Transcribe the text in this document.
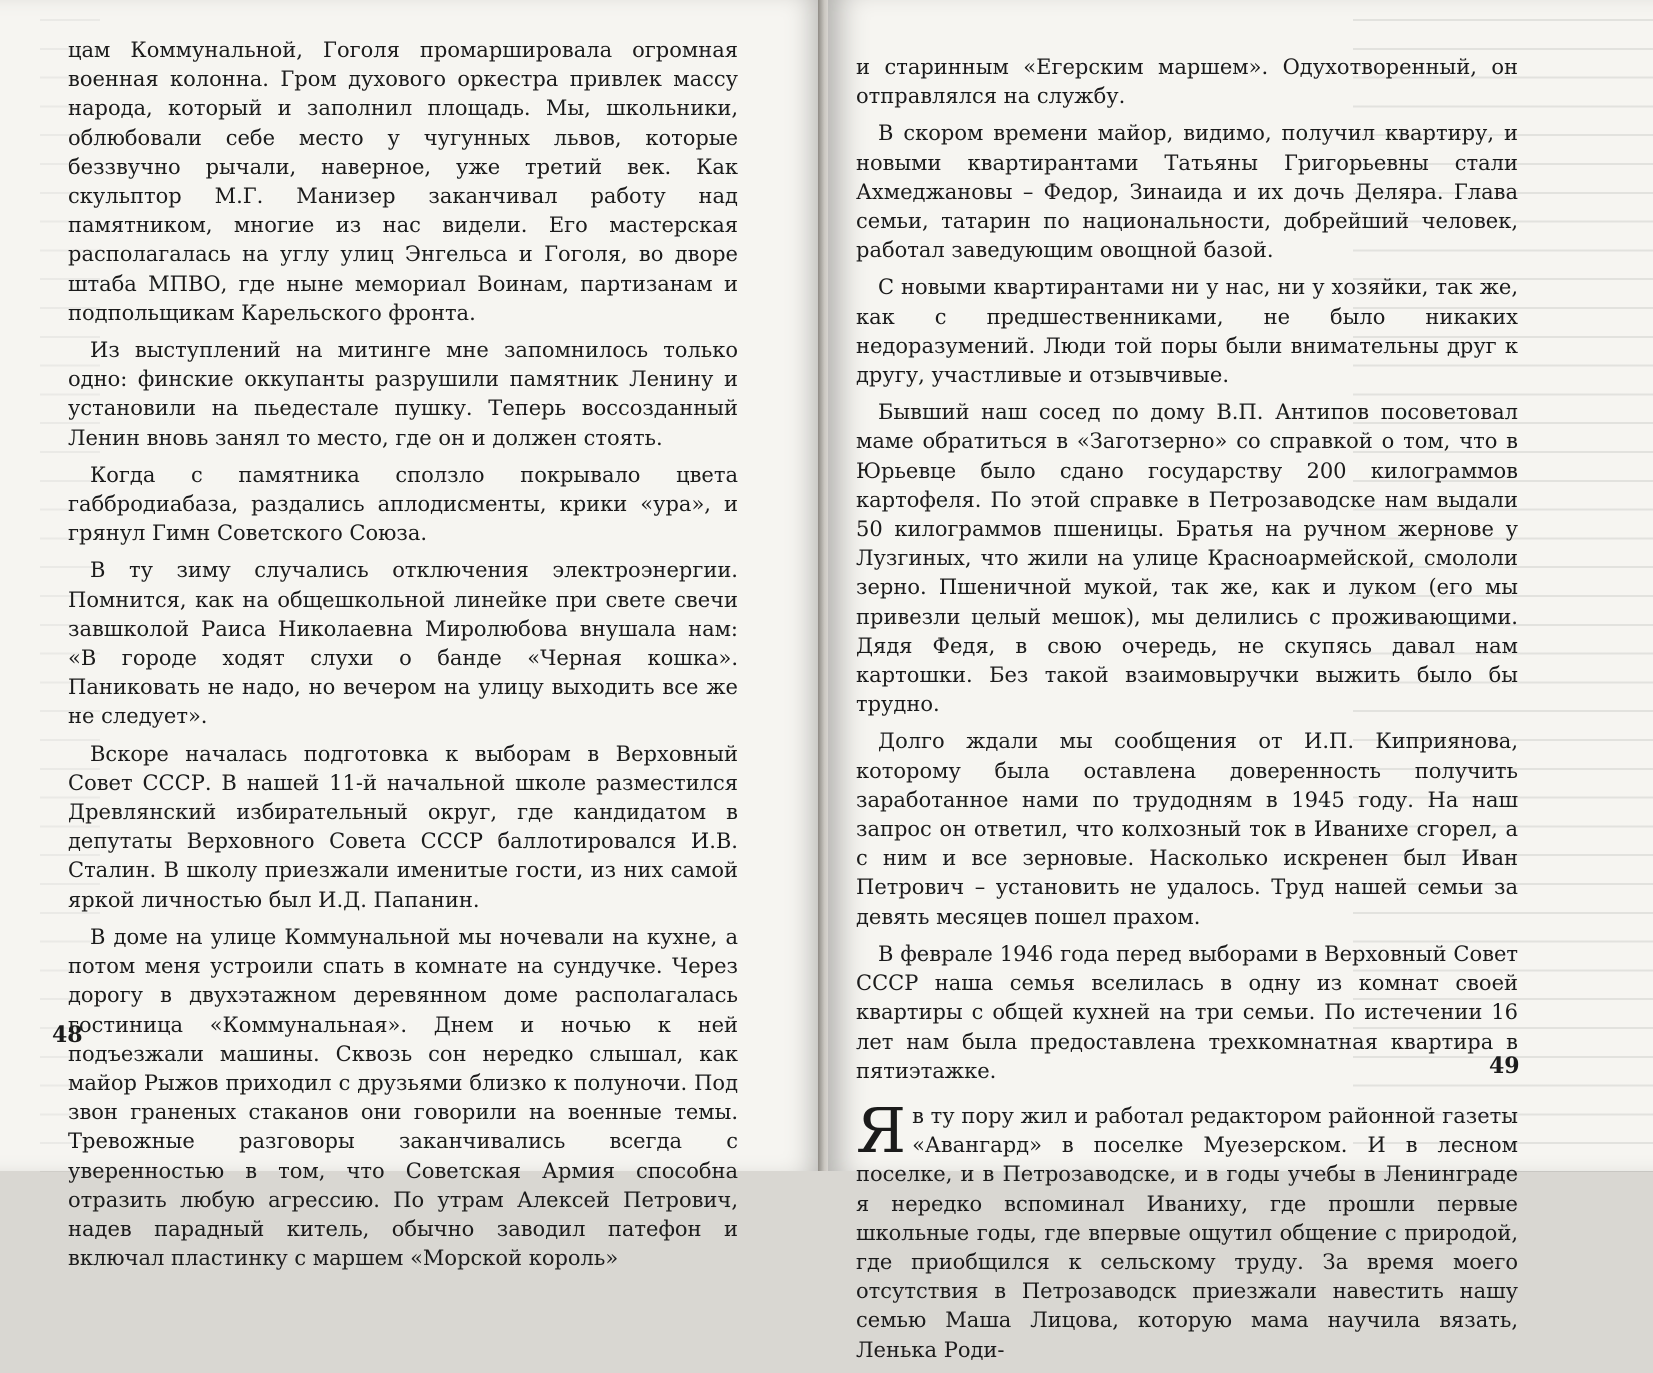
цам Коммунальной, Гоголя промаршировала огромная военная колонна. Гром духового оркестра привлек массу народа, который и заполнил площадь. Мы, школьники, облюбовали себе место у чугунных львов, которые беззвучно рычали, наверное, уже третий век. Как скульптор М.Г. Манизер заканчивал работу над памятником, многие из нас видели. Его мастерская располагалась на углу улиц Энгельса и Гоголя, во дворе штаба МПВО, где ныне мемориал Воинам, партизанам и подпольщикам Карельского фронта.

Из выступлений на митинге мне запомнилось только одно: финские оккупанты разрушили памятник Ленину и установили на пьедестале пушку. Теперь воссозданный Ленин вновь занял то место, где он и должен стоять.

Когда с памятника сползло покрывало цвета габбродиабаза, раздались аплодисменты, крики «ура», и грянул Гимн Советского Союза.

В ту зиму случались отключения электроэнергии. Помнится, как на общешкольной линейке при свете свечи завшколой Раиса Николаевна Миролюбова внушала нам: «В городе ходят слухи о банде «Черная кошка». Паниковать не надо, но вечером на улицу выходить все же не следует».

Вскоре началась подготовка к выборам в Верховный Совет СССР. В нашей 11-й начальной школе разместился Древлянский избирательный округ, где кандидатом в депутаты Верховного Совета СССР баллотировался И.В. Сталин. В школу приезжали именитые гости, из них самой яркой личностью был И.Д. Папанин.

В доме на улице Коммунальной мы ночевали на кухне, а потом меня устроили спать в комнате на сундучке. Через дорогу в двухэтажном деревянном доме располагалась гостиница «Коммунальная». Днем и ночью к ней подъезжали машины. Сквозь сон нередко слышал, как майор Рыжов приходил с друзьями близко к полуночи. Под звон граненых стаканов они говорили на военные темы. Тревожные разговоры заканчивались всегда с уверенностью в том, что Советская Армия способна отразить любую агрессию. По утрам Алексей Петрович, надев парадный китель, обычно заводил патефон и включал пластинку с маршем «Морской король»

48

и старинным «Егерским маршем». Одухотворенный, он отправлялся на службу.

В скором времени майор, видимо, получил квартиру, и новыми квартирантами Татьяны Григорьевны стали Ахмеджановы – Федор, Зинаида и их дочь Деляра. Глава семьи, татарин по национальности, добрейший человек, работал заведующим овощной базой.

С новыми квартирантами ни у нас, ни у хозяйки, так же, как с предшественниками, не было никаких недоразумений. Люди той поры были внимательны друг к другу, участливые и отзывчивые.

Бывший наш сосед по дому В.П. Антипов посоветовал маме обратиться в «Заготзерно» со справкой о том, что в Юрьевце было сдано государству 200 килограммов картофеля. По этой справке в Петрозаводске нам выдали 50 килограммов пшеницы. Братья на ручном жернове у Лузгиных, что жили на улице Красноармейской, смололи зерно. Пшеничной мукой, так же, как и луком (его мы привезли целый мешок), мы делились с проживающими. Дядя Федя, в свою очередь, не скупясь давал нам картошки. Без такой взаимовыручки выжить было бы трудно.

Долго ждали мы сообщения от И.П. Киприянова, которому была оставлена доверенность получить заработанное нами по трудодням в 1945 году. На наш запрос он ответил, что колхозный ток в Иванихе сгорел, а с ним и все зерновые. Насколько искренен был Иван Петрович – установить не удалось. Труд нашей семьи за девять месяцев пошел прахом.

В феврале 1946 года перед выборами в Верховный Совет СССР наша семья вселилась в одну из комнат своей квартиры с общей кухней на три семьи. По истечении 16 лет нам была предоставлена трехкомнатная квартира в пятиэтажке.

Яв ту пору жил и работал редактором районной газеты «Авангард» в поселке Муезерском. И в лесном поселке, и в Петрозаводске, и в годы учебы в Ленинграде я нередко вспоминал Иваниху, где прошли первые школьные годы, где впервые ощутил общение с природой, где приобщился к сельскому труду. За время моего отсутствия в Петрозаводск приезжали навестить нашу семью Маша Лицова, которую мама научила вязать, Ленька Роди-

49
